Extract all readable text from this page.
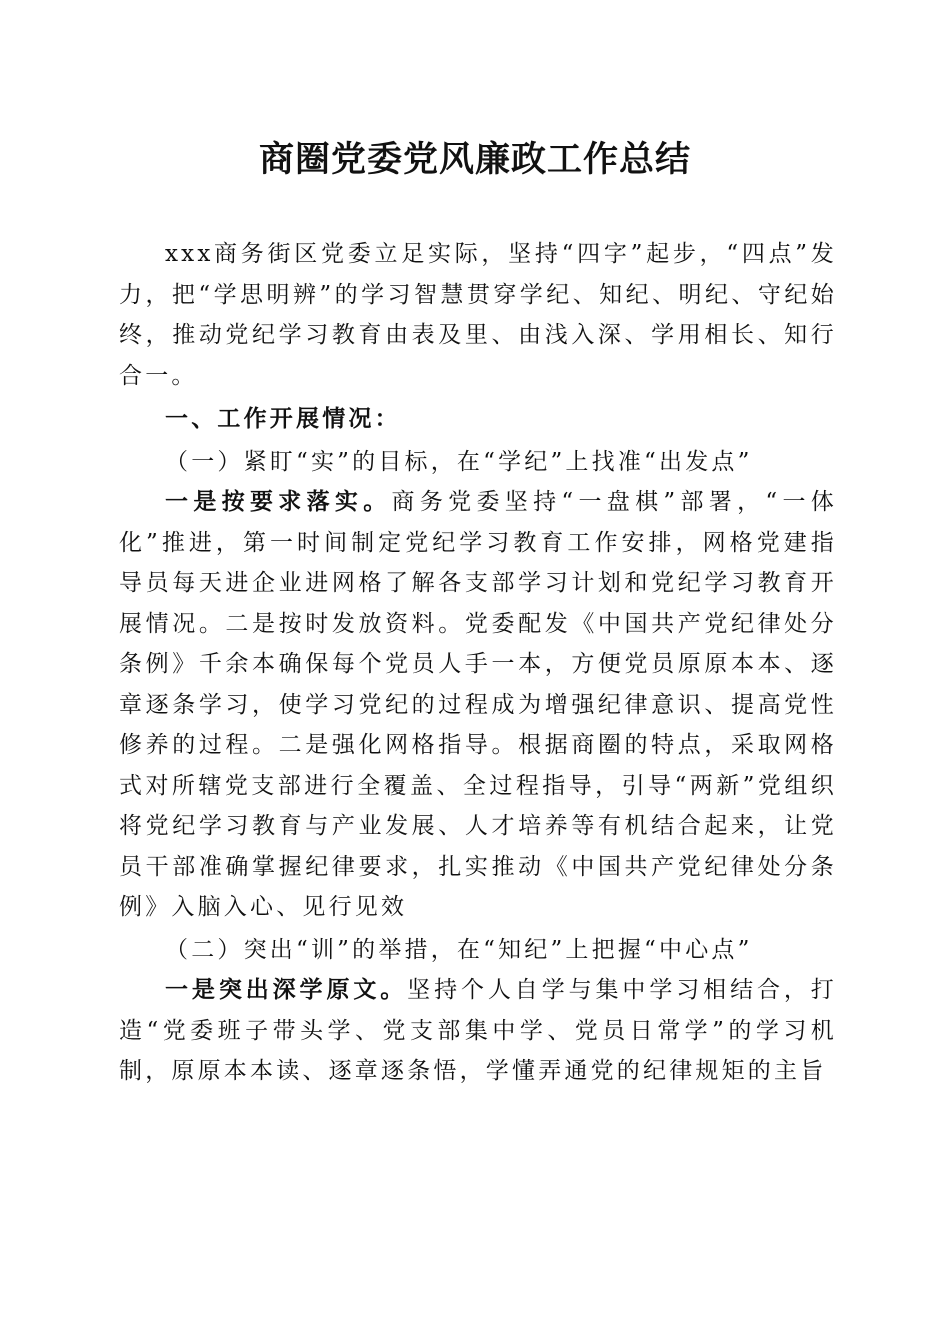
商圈党委党风廉政工作总结

xxx商务街区党委立足实际，坚持“四字”起步，“四点”发力，把“学思明辨”的学习智慧贯穿学纪、知纪、明纪、守纪始终，推动党纪学习教育由表及里、由浅入深、学用相长、知行合一。

一、工作开展情况：

（一）紧盯“实”的目标，在“学纪”上找准“出发点”

一是按要求落实。商务党委坚持“一盘棋”部署，“一体化”推进，第一时间制定党纪学习教育工作安排，网格党建指导员每天进企业进网格了解各支部学习计划和党纪学习教育开展情况。二是按时发放资料。党委配发《中国共产党纪律处分条例》千余本确保每个党员人手一本，方便党员原原本本、逐章逐条学习，使学习党纪的过程成为增强纪律意识、提高党性修养的过程。二是强化网格指导。根据商圈的特点，采取网格式对所辖党支部进行全覆盖、全过程指导，引导“两新”党组织将党纪学习教育与产业发展、人才培养等有机结合起来，让党员干部准确掌握纪律要求，扎实推动《中国共产党纪律处分条例》入脑入心、见行见效

（二）突出“训”的举措，在“知纪”上把握“中心点”

一是突出深学原文。坚持个人自学与集中学习相结合，打造“党委班子带头学、党支部集中学、党员日常学”的学习机制，原原本本读、逐章逐条悟，学懂弄通党的纪律规矩的主旨
